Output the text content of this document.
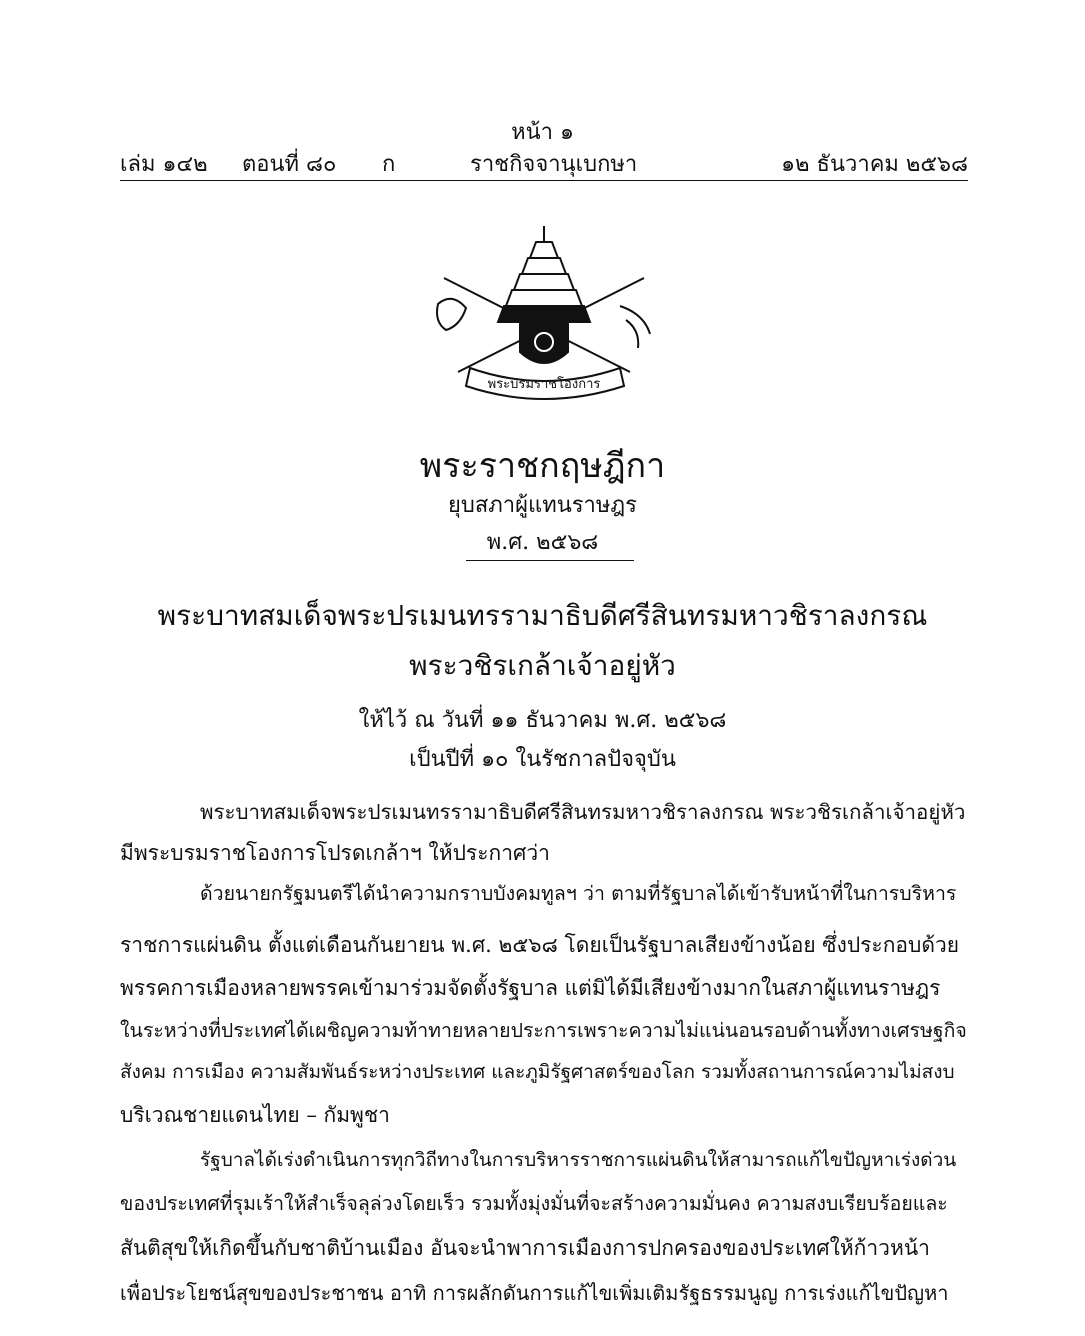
หน้า ๑
เล่ม ๑๔๒ ตอนที่ ๘๐ ก	ราชกิจจานุเบกษา	๑๒ ธันวาคม ๒๕๖๘
พระบรมราชโองการ
พระราชกฤษฎีกา
ยุบสภาผู้แทนราษฎร
พ.ศ. ๒๕๖๘
พระบาทสมเด็จพระปรเมนทรรามาธิบดีศรีสินทรมหาวชิราลงกรณ
พระวชิรเกล้าเจ้าอยู่หัว
ให้ไว้ ณ วันที่ ๑๑ ธันวาคม พ.ศ. ๒๕๖๘
เป็นปีที่ ๑๐ ในรัชกาลปัจจุบัน
พระบาทสมเด็จพระปรเมนทรรามาธิบดีศรีสินทรมหาวชิราลงกรณ พระวชิรเกล้าเจ้าอยู่หัว
มีพระบรมราชโองการโปรดเกล้าฯ ให้ประกาศว่า
ด้วยนายกรัฐมนตรีได้นำความกราบบังคมทูลฯ ว่า ตามที่รัฐบาลได้เข้ารับหน้าที่ในการบริหาร
ราชการแผ่นดิน ตั้งแต่เดือนกันยายน พ.ศ. ๒๕๖๘ โดยเป็นรัฐบาลเสียงข้างน้อย ซึ่งประกอบด้วย
พรรคการเมืองหลายพรรคเข้ามาร่วมจัดตั้งรัฐบาล แต่มิได้มีเสียงข้างมากในสภาผู้แทนราษฎร
ในระหว่างที่ประเทศได้เผชิญความท้าทายหลายประการเพราะความไม่แน่นอนรอบด้านทั้งทางเศรษฐกิจ
สังคม การเมือง ความสัมพันธ์ระหว่างประเทศ และภูมิรัฐศาสตร์ของโลก รวมทั้งสถานการณ์ความไม่สงบ
บริเวณชายแดนไทย – กัมพูชา
รัฐบาลได้เร่งดำเนินการทุกวิถีทางในการบริหารราชการแผ่นดินให้สามารถแก้ไขปัญหาเร่งด่วน
ของประเทศที่รุมเร้าให้สำเร็จลุล่วงโดยเร็ว รวมทั้งมุ่งมั่นที่จะสร้างความมั่นคง ความสงบเรียบร้อยและ
สันติสุขให้เกิดขึ้นกับชาติบ้านเมือง อันจะนำพาการเมืองการปกครองของประเทศให้ก้าวหน้า
เพื่อประโยชน์สุขของประชาชน อาทิ การผลักดันการแก้ไขเพิ่มเติมรัฐธรรมนูญ การเร่งแก้ไขปัญหา
